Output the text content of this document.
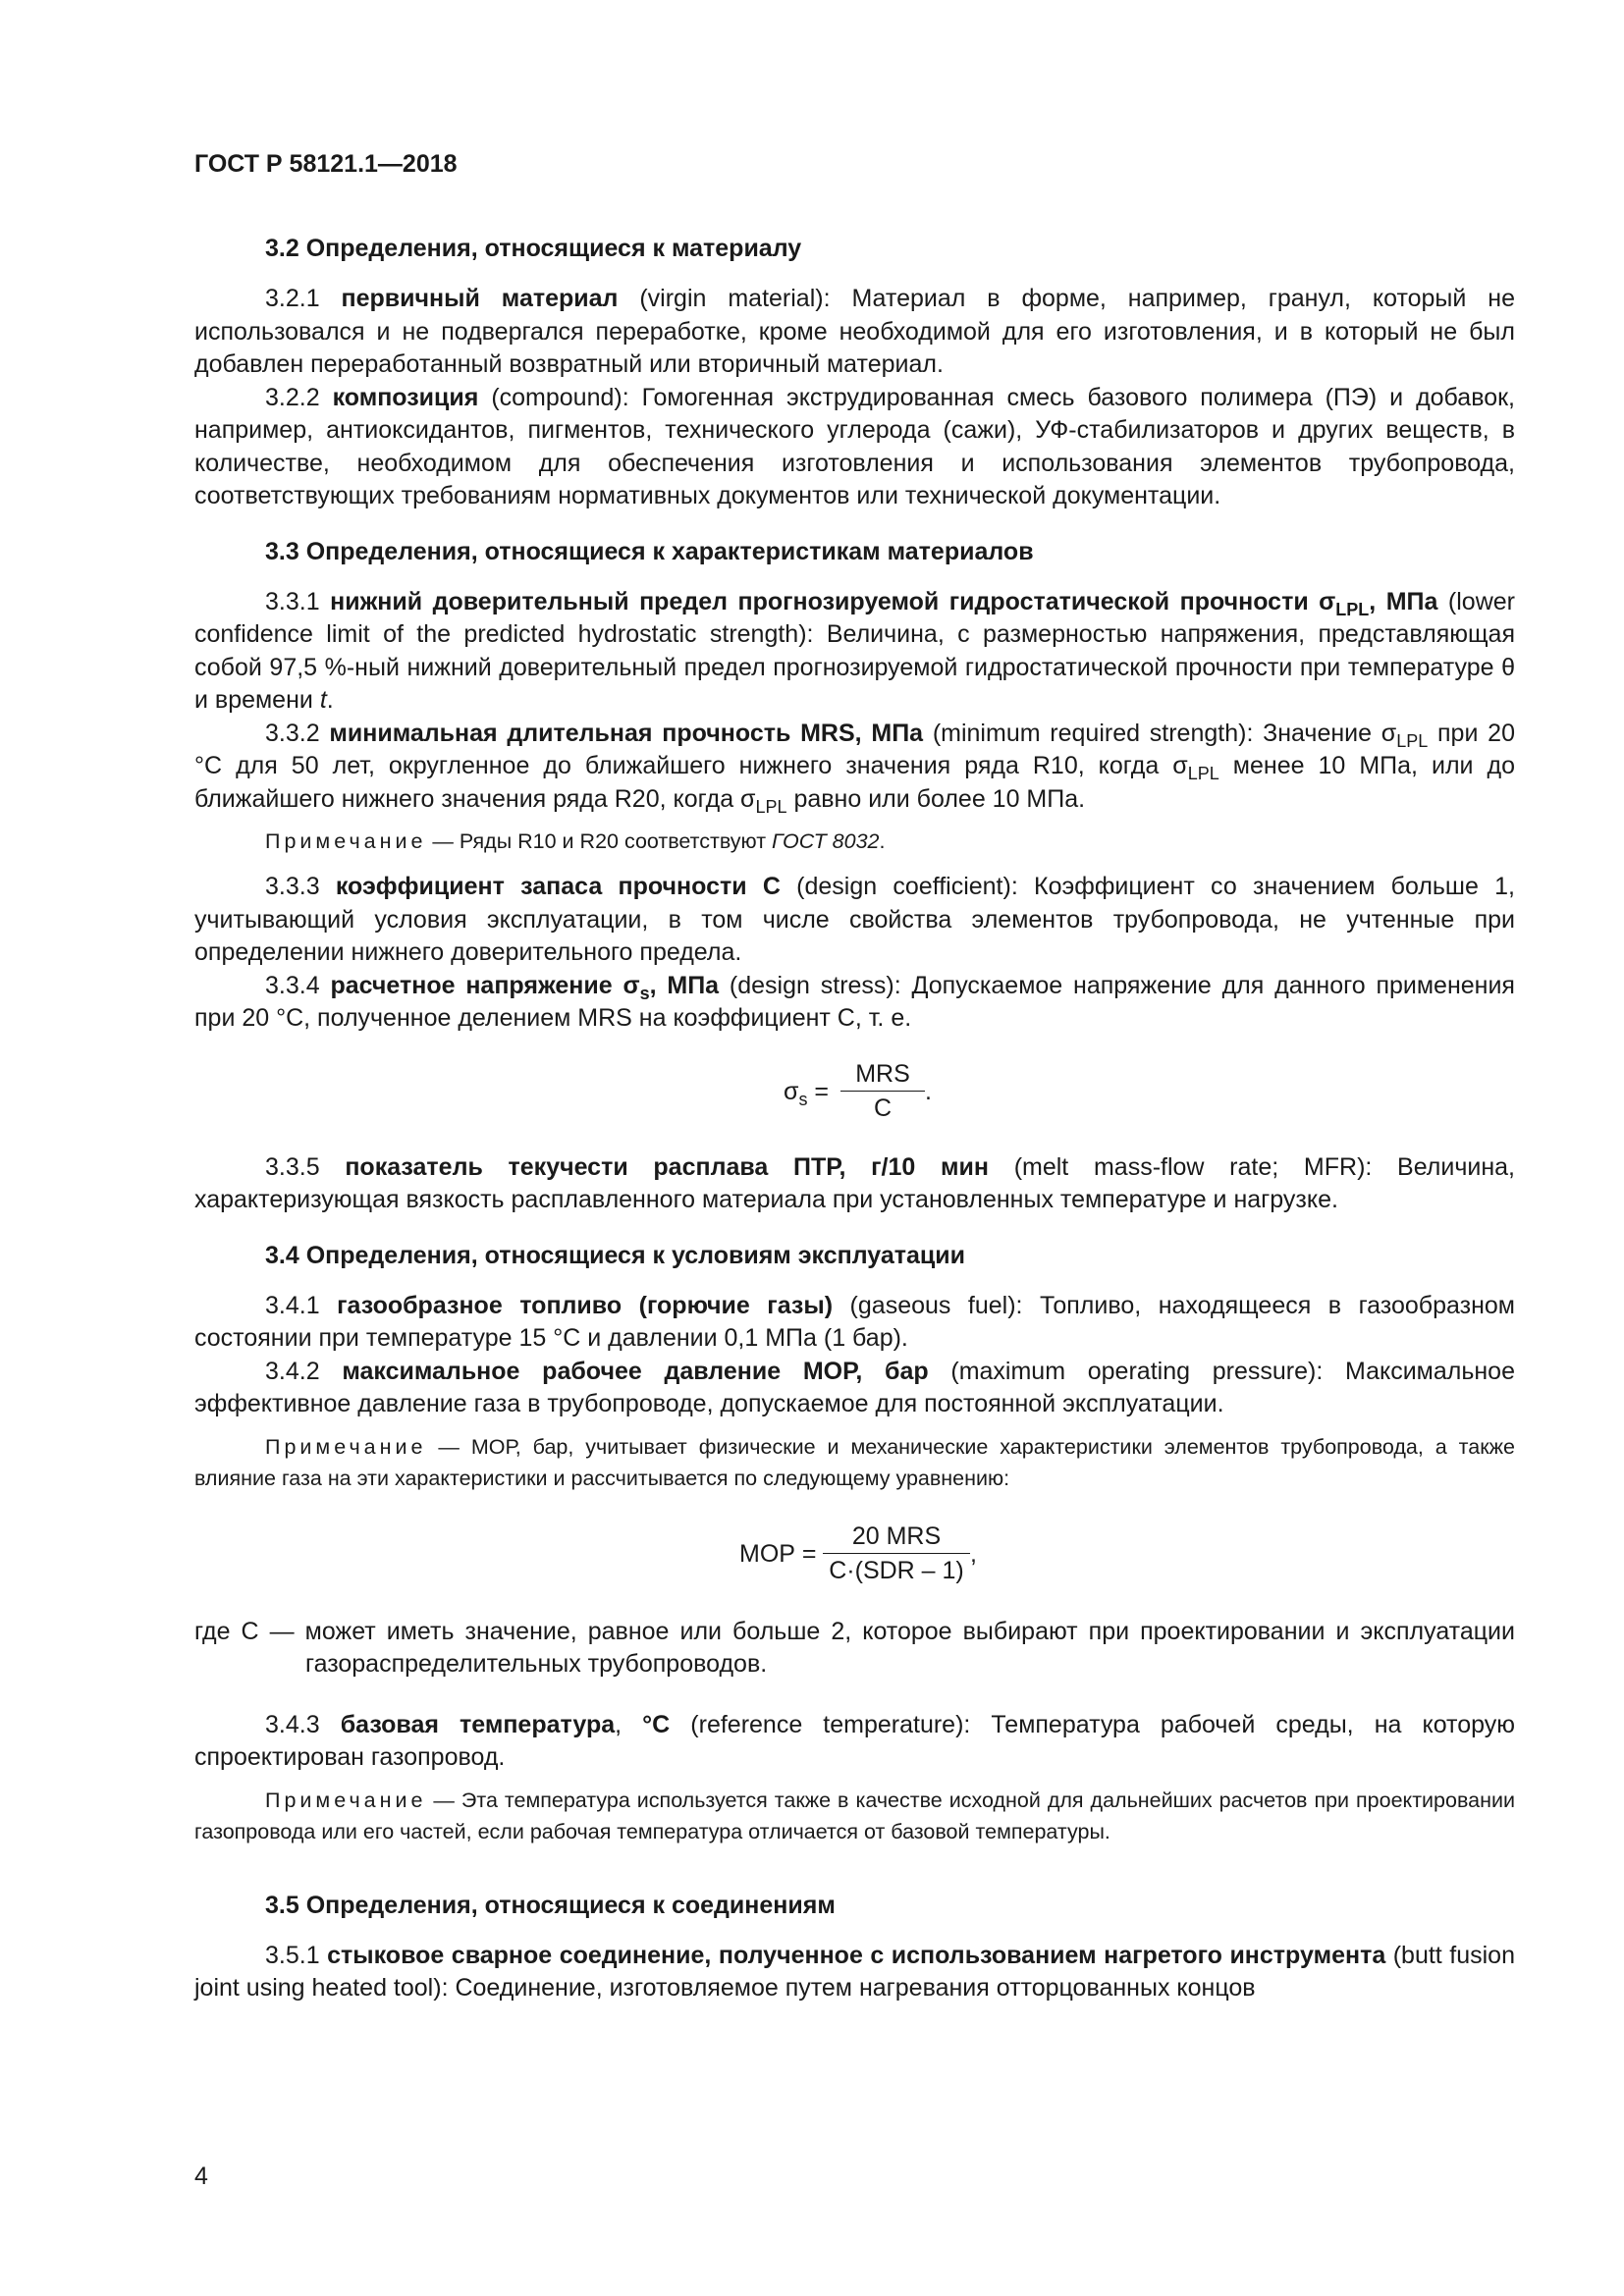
ГОСТ Р 58121.1—2018
3.2 Определения, относящиеся к материалу

3.2.1 первичный материал (virgin material): Материал в форме, например, гранул, который не использовался и не подвергался переработке, кроме необходимой для его изготовления, и в который не был добавлен переработанный возвратный или вторичный материал.

3.2.2 композиция (compound): Гомогенная экструдированная смесь базового полимера (ПЭ) и добавок, например, антиоксидантов, пигментов, технического углерода (сажи), УФ-стабилизаторов и других веществ, в количестве, необходимом для обеспечения изготовления и использования элементов трубопровода, соответствующих требованиям нормативных документов или технической документации.

3.3 Определения, относящиеся к характеристикам материалов

3.3.1 нижний доверительный предел прогнозируемой гидростатической прочности $\sigma_{LPL}$, МПа (lower confidence limit of the predicted hydrostatic strength): Величина, с размерностью напряжения, представляющая собой 97,5 %-ный нижний доверительный предел прогнозируемой гидростатической прочности при температуре θ и времени t.

3.3.2 минимальная длительная прочность MRS, МПа (minimum required strength): Значение $\sigma_{LPL}$ при 20 °С для 50 лет, округленное до ближайшего нижнего значения ряда R10, когда $\sigma_{LPL}$ менее 10 МПа, или до ближайшего нижнего значения ряда R20, когда $\sigma_{LPL}$ равно или более 10 МПа.

Примечание — Ряды R10 и R20 соответствуют ГОСТ 8032.

3.3.3 коэффициент запаса прочности С (design coefficient): Коэффициент со значением больше 1, учитывающий условия эксплуатации, в том числе свойства элементов трубопровода, не учтенные при определении нижнего доверительного предела.

3.3.4 расчетное напряжение $\sigma_s$, МПа (design stress): Допускаемое напряжение для данного применения при 20 °С, полученное делением MRS на коэффициент С, т. е.

$\sigma_s$ =
MRS
C
.

3.3.5 показатель текучести расплава ПТР, г/10 мин (melt mass-flow rate; MFR): Величина, характеризующая вязкость расплавленного материала при установленных температуре и нагрузке.

3.4 Определения, относящиеся к условиям эксплуатации

3.4.1 газообразное топливо (горючие газы) (gaseous fuel): Топливо, находящееся в газообразном состоянии при температуре 15 °С и давлении 0,1 МПа (1 бар).

3.4.2 максимальное рабочее давление МОР, бар (maximum operating pressure): Максимальное эффективное давление газа в трубопроводе, допускаемое для постоянной эксплуатации.

Примечание — МОР, бар, учитывает физические и механические характеристики элементов трубопровода, а также влияние газа на эти характеристики и рассчитывается по следующему уравнению:
МОР =
20 MRS
C·(SDR – 1)
,
где С — может иметь значение, равное или больше 2, которое выбирают при проектировании и эксплуатации газораспределительных трубопроводов.

3.4.3 базовая температура, °С (reference temperature): Температура рабочей среды, на которую спроектирован газопровод.

Примечание — Эта температура используется также в качестве исходной для дальнейших расчетов при проектировании газопровода или его частей, если рабочая температура отличается от базовой температуры.
3.5 Определения, относящиеся к соединениям

3.5.1 стыковое сварное соединение, полученное с использованием нагретого инструмента (butt fusion joint using heated tool): Соединение, изготовляемое путем нагревания отторцованных концов

4
